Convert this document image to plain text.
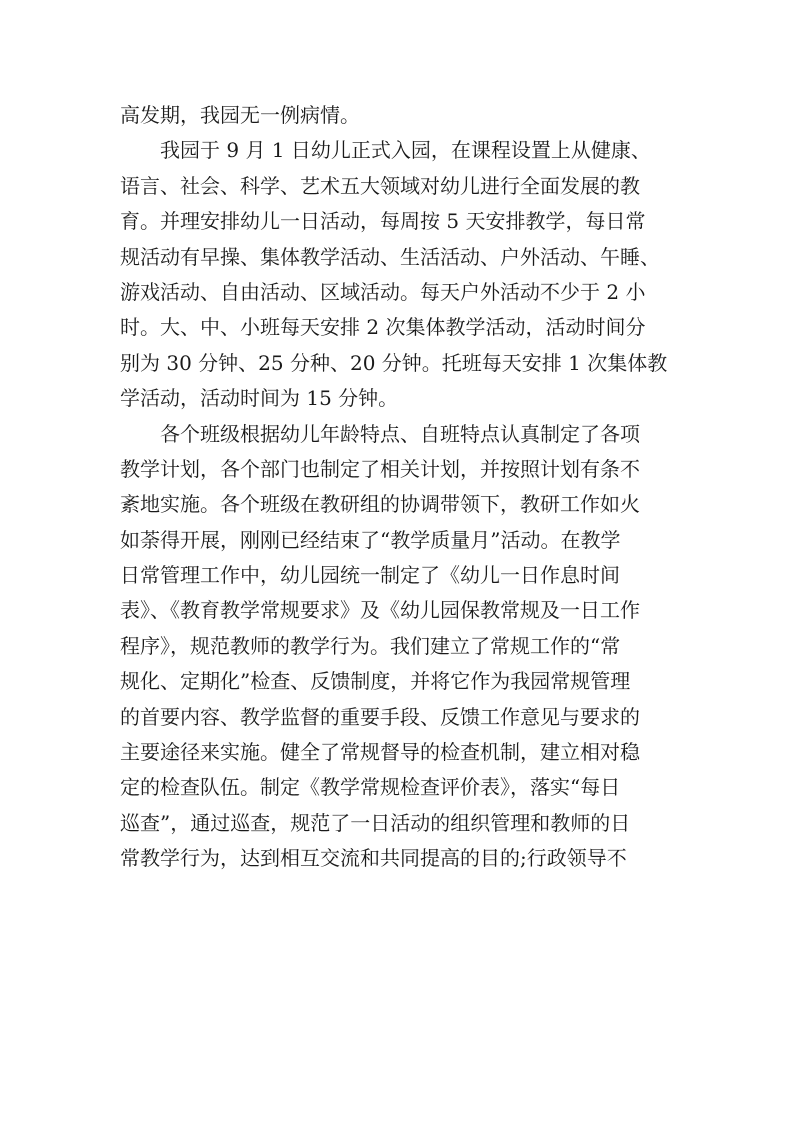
高发期，我园无一例病情。
我园于 9 月 1 日幼儿正式入园，在课程设置上从健康、
语言、社会、科学、艺术五大领域对幼儿进行全面发展的教
育。并理安排幼儿一日活动，每周按 5 天安排教学，每日常
规活动有早操、集体教学活动、生活活动、户外活动、午睡、
游戏活动、自由活动、区域活动。每天户外活动不少于 2 小
时。大、中、小班每天安排 2 次集体教学活动，活动时间分
别为 30 分钟、25 分种、20 分钟。托班每天安排 1 次集体教
学活动，活动时间为 15 分钟。
各个班级根据幼儿年龄特点、自班特点认真制定了各项
教学计划，各个部门也制定了相关计划，并按照计划有条不
紊地实施。各个班级在教研组的协调带领下，教研工作如火
如荼得开展，刚刚已经结束了“教学质量月”活动。在教学
日常管理工作中，幼儿园统一制定了《幼儿一日作息时间
表》、《教育教学常规要求》及《幼儿园保教常规及一日工作
程序》，规范教师的教学行为。我们建立了常规工作的“常
规化、定期化”检查、反馈制度，并将它作为我园常规管理
的首要内容、教学监督的重要手段、反馈工作意见与要求的
主要途径来实施。健全了常规督导的检查机制，建立相对稳
定的检查队伍。制定《教学常规检查评价表》，落实“每日
巡查”，通过巡查，规范了一日活动的组织管理和教师的日
常教学行为，达到相互交流和共同提高的目的;行政领导不
